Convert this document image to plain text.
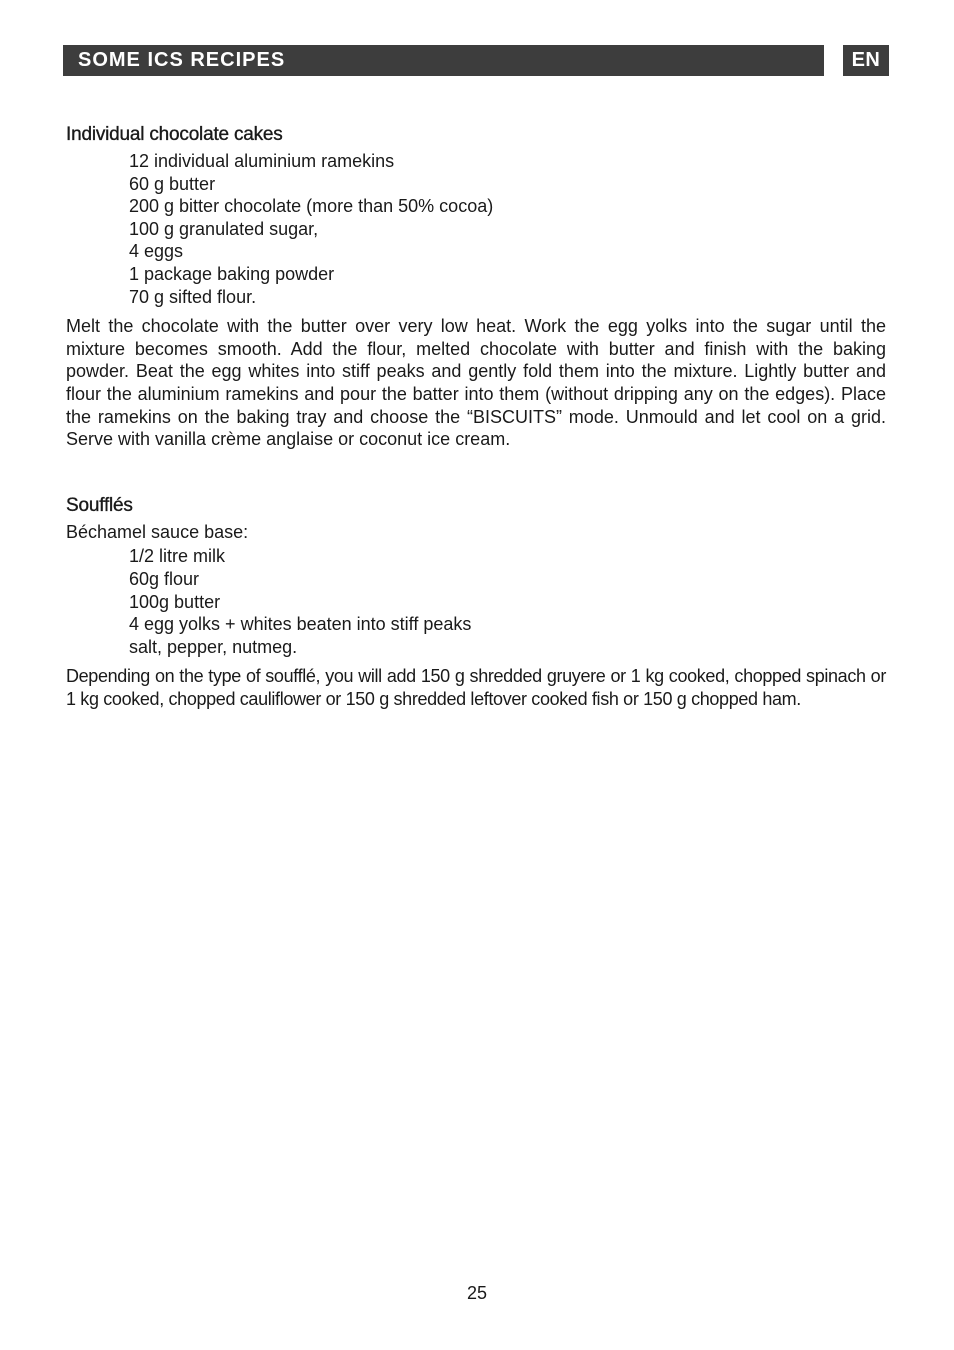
SOME ICS RECIPES	EN
Individual chocolate cakes
12 individual aluminium ramekins
60 g butter
200 g bitter chocolate (more than 50% cocoa)
100 g granulated sugar,
4 eggs
1 package baking powder
70 g sifted flour.

Melt the chocolate with the butter over very low heat. Work the egg yolks into the sugar until the mixture becomes smooth. Add the flour, melted chocolate with butter and finish with the baking powder. Beat the egg whites into stiff peaks and gently fold them into the mixture. Lightly butter and flour the aluminium ramekins and pour the batter into them (without dripping any on the edges). Place the ramekins on the baking tray and choose the “BISCUITS” mode. Unmould and let cool on a grid. Serve with vanilla crème anglaise or coconut ice cream.

Soufflés

Béchamel sauce base:

1/2 litre milk
60g flour
100g butter
4 egg yolks + whites beaten into stiff peaks
salt, pepper, nutmeg.

Depending on the type of soufflé, you will add 150 g shredded gruyere or 1 kg cooked, chopped spinach or 1 kg cooked, chopped cauliflower or 150 g shredded leftover cooked fish or 150 g chopped ham.

25
